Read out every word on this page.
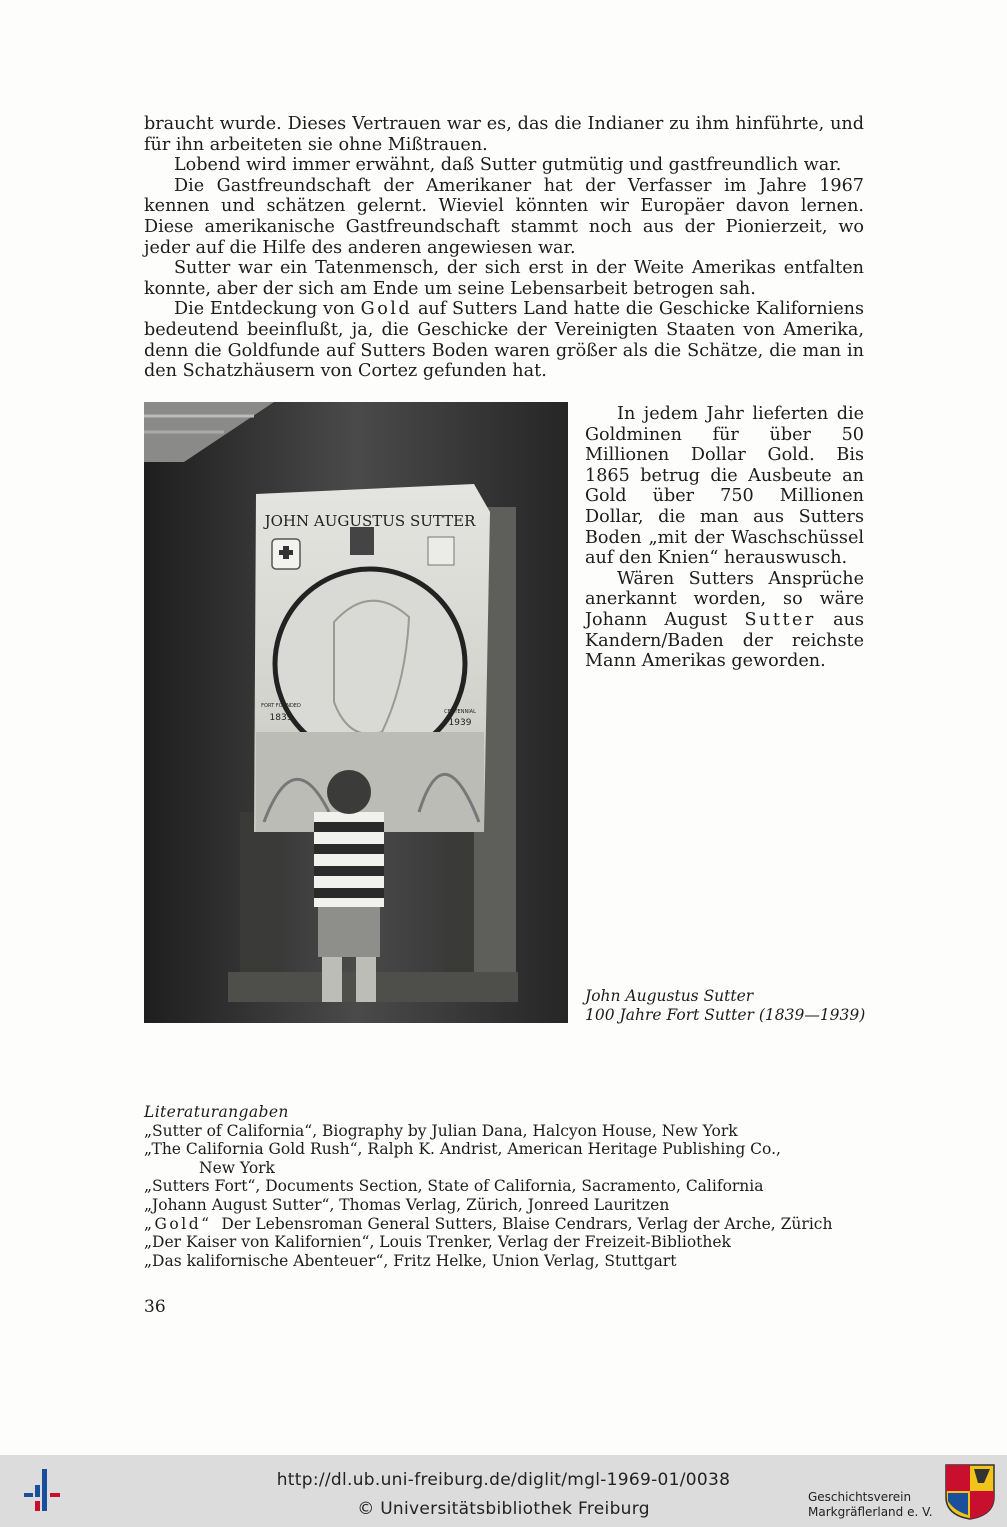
braucht wurde. Dieses Vertrauen war es, das die Indianer zu ihm hinführte, und für ihn arbeiteten sie ohne Mißtrauen.

Lobend wird immer erwähnt, daß Sutter gutmütig und gastfreundlich war.

Die Gastfreundschaft der Amerikaner hat der Verfasser im Jahre 1967 kennen und schätzen gelernt. Wieviel könnten wir Europäer davon lernen. Diese amerikanische Gastfreundschaft stammt noch aus der Pionierzeit, wo jeder auf die Hilfe des anderen angewiesen war.

Sutter war ein Tatenmensch, der sich erst in der Weite Amerikas entfalten konnte, aber der sich am Ende um seine Lebensarbeit betrogen sah.

Die Entdeckung von Gold auf Sutters Land hatte die Geschicke Kaliforniens bedeutend beeinflußt, ja, die Geschicke der Vereinigten Staaten von Amerika, denn die Goldfunde auf Sutters Boden waren größer als die Schätze, die man in den Schatzhäusern von Cortez gefunden hat.

JOHN AUGUSTUS SUTTER
FORT FOUNDED
1839
CENTENNIAL
1939

In jedem Jahr lieferten die Goldminen für über 50 Millionen Dollar Gold. Bis 1865 betrug die Ausbeute an Gold über 750 Millionen Dollar, die man aus Sutters Boden „mit der Waschschüssel auf den Knien“ herauswusch.

Wären Sutters Ansprüche anerkannt worden, so wäre Johann August Sutter aus Kandern/Baden der reichste Mann Amerikas geworden.

John Augustus Sutter
100 Jahre Fort Sutter (1839—1939)
Literaturangaben
„Sutter of California“, Biography by Julian Dana, Halcyon House, New York
„The California Gold Rush“, Ralph K. Andrist, American Heritage Publishing Co.,
New York
„Sutters Fort“, Documents Section, State of California, Sacramento, California
„Johann August Sutter“, Thomas Verlag, Zürich, Jonreed Lauritzen
„Gold“  Der Lebensroman General Sutters, Blaise Cendrars, Verlag der Arche, Zürich
„Der Kaiser von Kalifornien“, Louis Trenker, Verlag der Freizeit-Bibliothek
„Das kalifornische Abenteuer“, Fritz Helke, Union Verlag, Stuttgart
36
http://dl.ub.uni-freiburg.de/diglit/mgl-1969-01/0038
© Universitätsbibliothek Freiburg
Geschichtsverein
Markgräflerland e. V.
